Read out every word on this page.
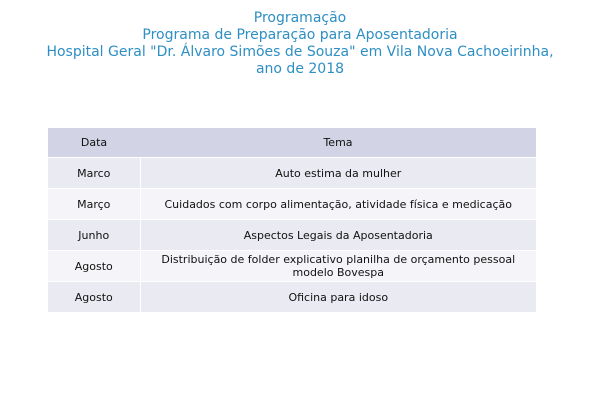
Programação
Programa de Preparação para Aposentadoria
Hospital Geral "Dr. Álvaro Simões de Souza" em Vila Nova Cachoeirinha,
ano de 2018
Data	Tema
Marco	Auto estima da mulher
Março	Cuidados com corpo alimentação, atividade física e medicação
Junho	Aspectos Legais da Aposentadoria
Agosto	Distribuição de folder explicativo planilha de orçamento pessoal modelo Bovespa
Agosto	Oficina para idoso
